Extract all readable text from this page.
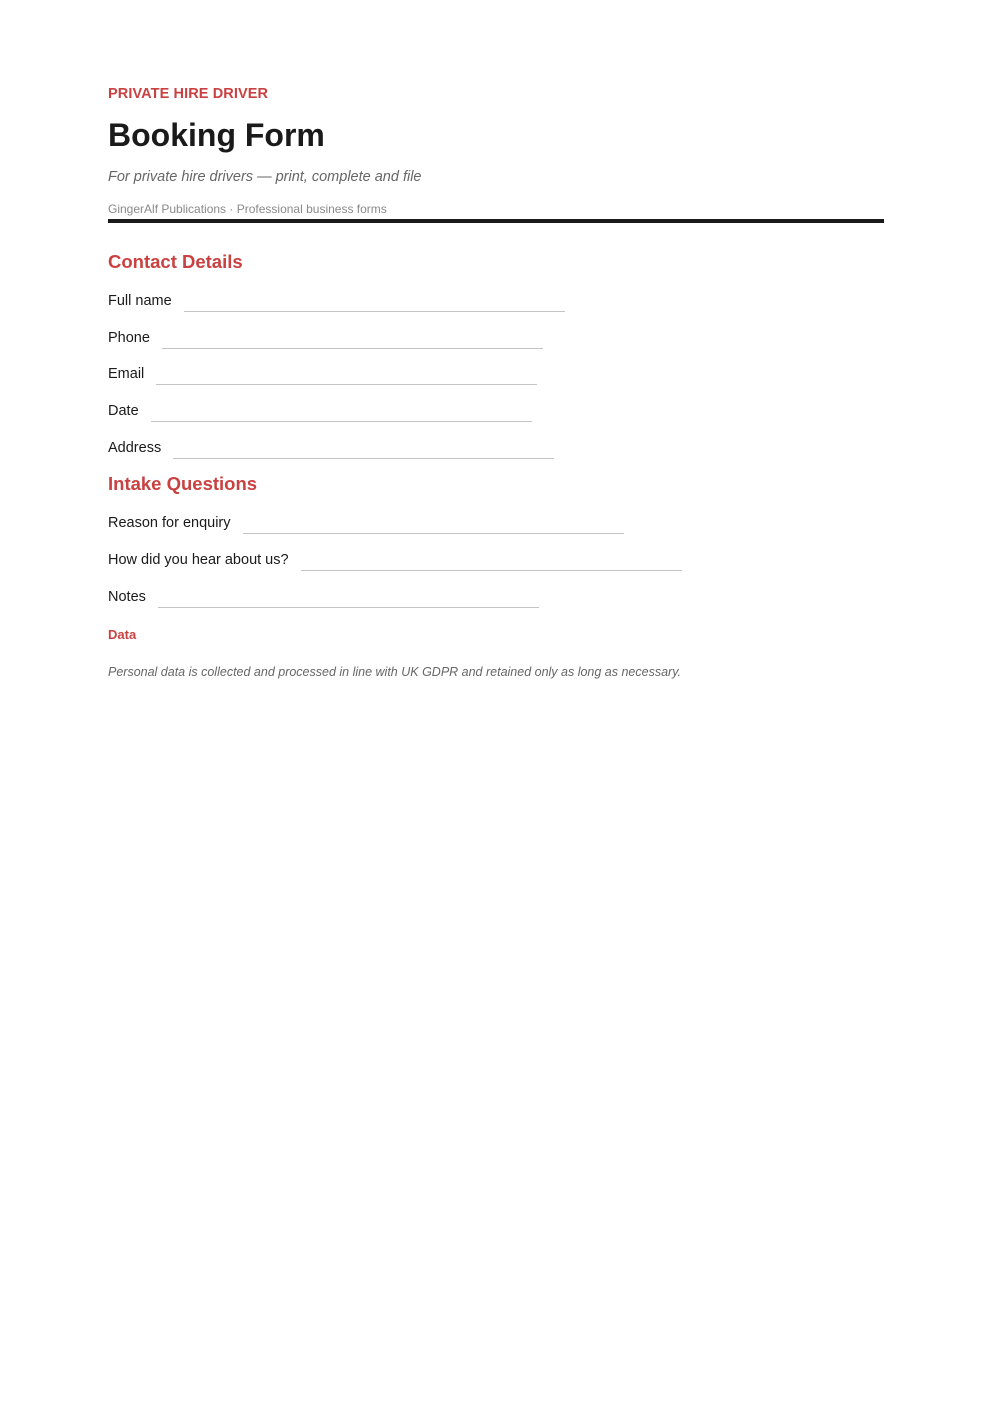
PRIVATE HIRE DRIVER
Booking Form
For private hire drivers — print, complete and file
GingerAlf Publications · Professional business forms
Contact Details
Full name
Phone
Email
Date
Address
Intake Questions
Reason for enquiry
How did you hear about us?
Notes
Data
Personal data is collected and processed in line with UK GDPR and retained only as long as necessary.
